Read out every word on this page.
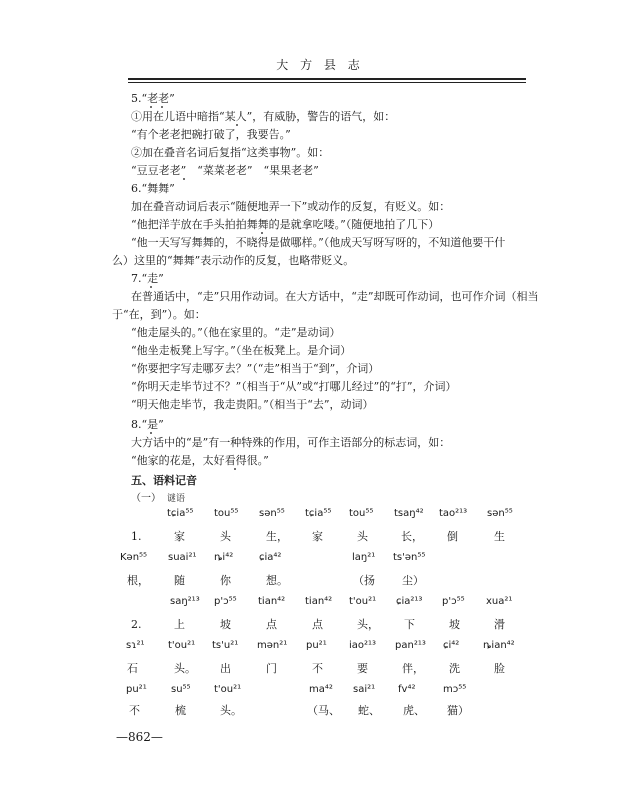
大 方 县 志
5.“老老”
①用在儿语中暗指“某人”，有威胁，警告的语气，如：
“有个老老把碗打破了，我要告。”
②加在叠音名词后复指“这类事物”。如：
“豆豆老老”　“菜菜老老”　“果果老老”
6.“舞舞”
加在叠音动词后表示“随便地弄一下”或动作的反复，有贬义。如：
“他把洋芋放在手头拍拍舞舞的是就拿吃喽。”（随便地拍了几下）
“他一天写写舞舞的，不晓得是做哪样。”（他成天写呀写呀的，不知道他要干什
么）这里的“舞舞”表示动作的反复，也略带贬义。
7.“走”
在普通话中，“走”只用作动词。在大方话中，“走”却既可作动词，也可作介词（相当
于“在，到”）。如：
“他走屋头的。”（他在家里的。“走”是动词）
“他坐走板凳上写字。”（坐在板凳上。是介词）
“你要把字写走哪歹去？”（“走”相当于“到”，介词）
“你明天走毕节过不？”（相当于“从”或“打哪儿经过”的“打”，介词）
“明天他走毕节，我走贵阳。”（相当于“去”，动词）
8.“是”
大方话中的“是”有一种特殊的作用，可作主语部分的标志词，如：
“他家的花是，太好看得很。”
五、语料记音
（一） 谜语
tɕia⁵⁵ tou⁵⁵ sən⁵⁵ tɕia⁵⁵ tou⁵⁵ tsaŋ⁴² tao²¹³ sən⁵⁵
1.	家	头	生， 家	头	长， 倒	生
Kən⁵⁵ suai²¹ ȵi⁴²	ɕia⁴²	laŋ²¹ ts'ən⁵⁵
根， 随	你	想。	（扬 尘）
saŋ²¹³ p'ɔ⁵⁵ tian⁴² tian⁴² t'ou²¹ ɕia²¹³ p'ɔ⁵⁵ xua²¹
2.	上	坡	点	点	头， 下	坡	滑
sɿ²¹ t'ou²¹ ts'u²¹ mən²¹ pu²¹ iao²¹³ pan²¹³ ɕi⁴² ȵian⁴²
石	头。 出	门	不	要	伴， 洗	脸
pu²¹ su⁵⁵ t'ou²¹	ma⁴² sai²¹ fv⁴²	mɔ⁵⁵
不	梳	头。	（马、 蛇、 虎、 猫）
—862—
